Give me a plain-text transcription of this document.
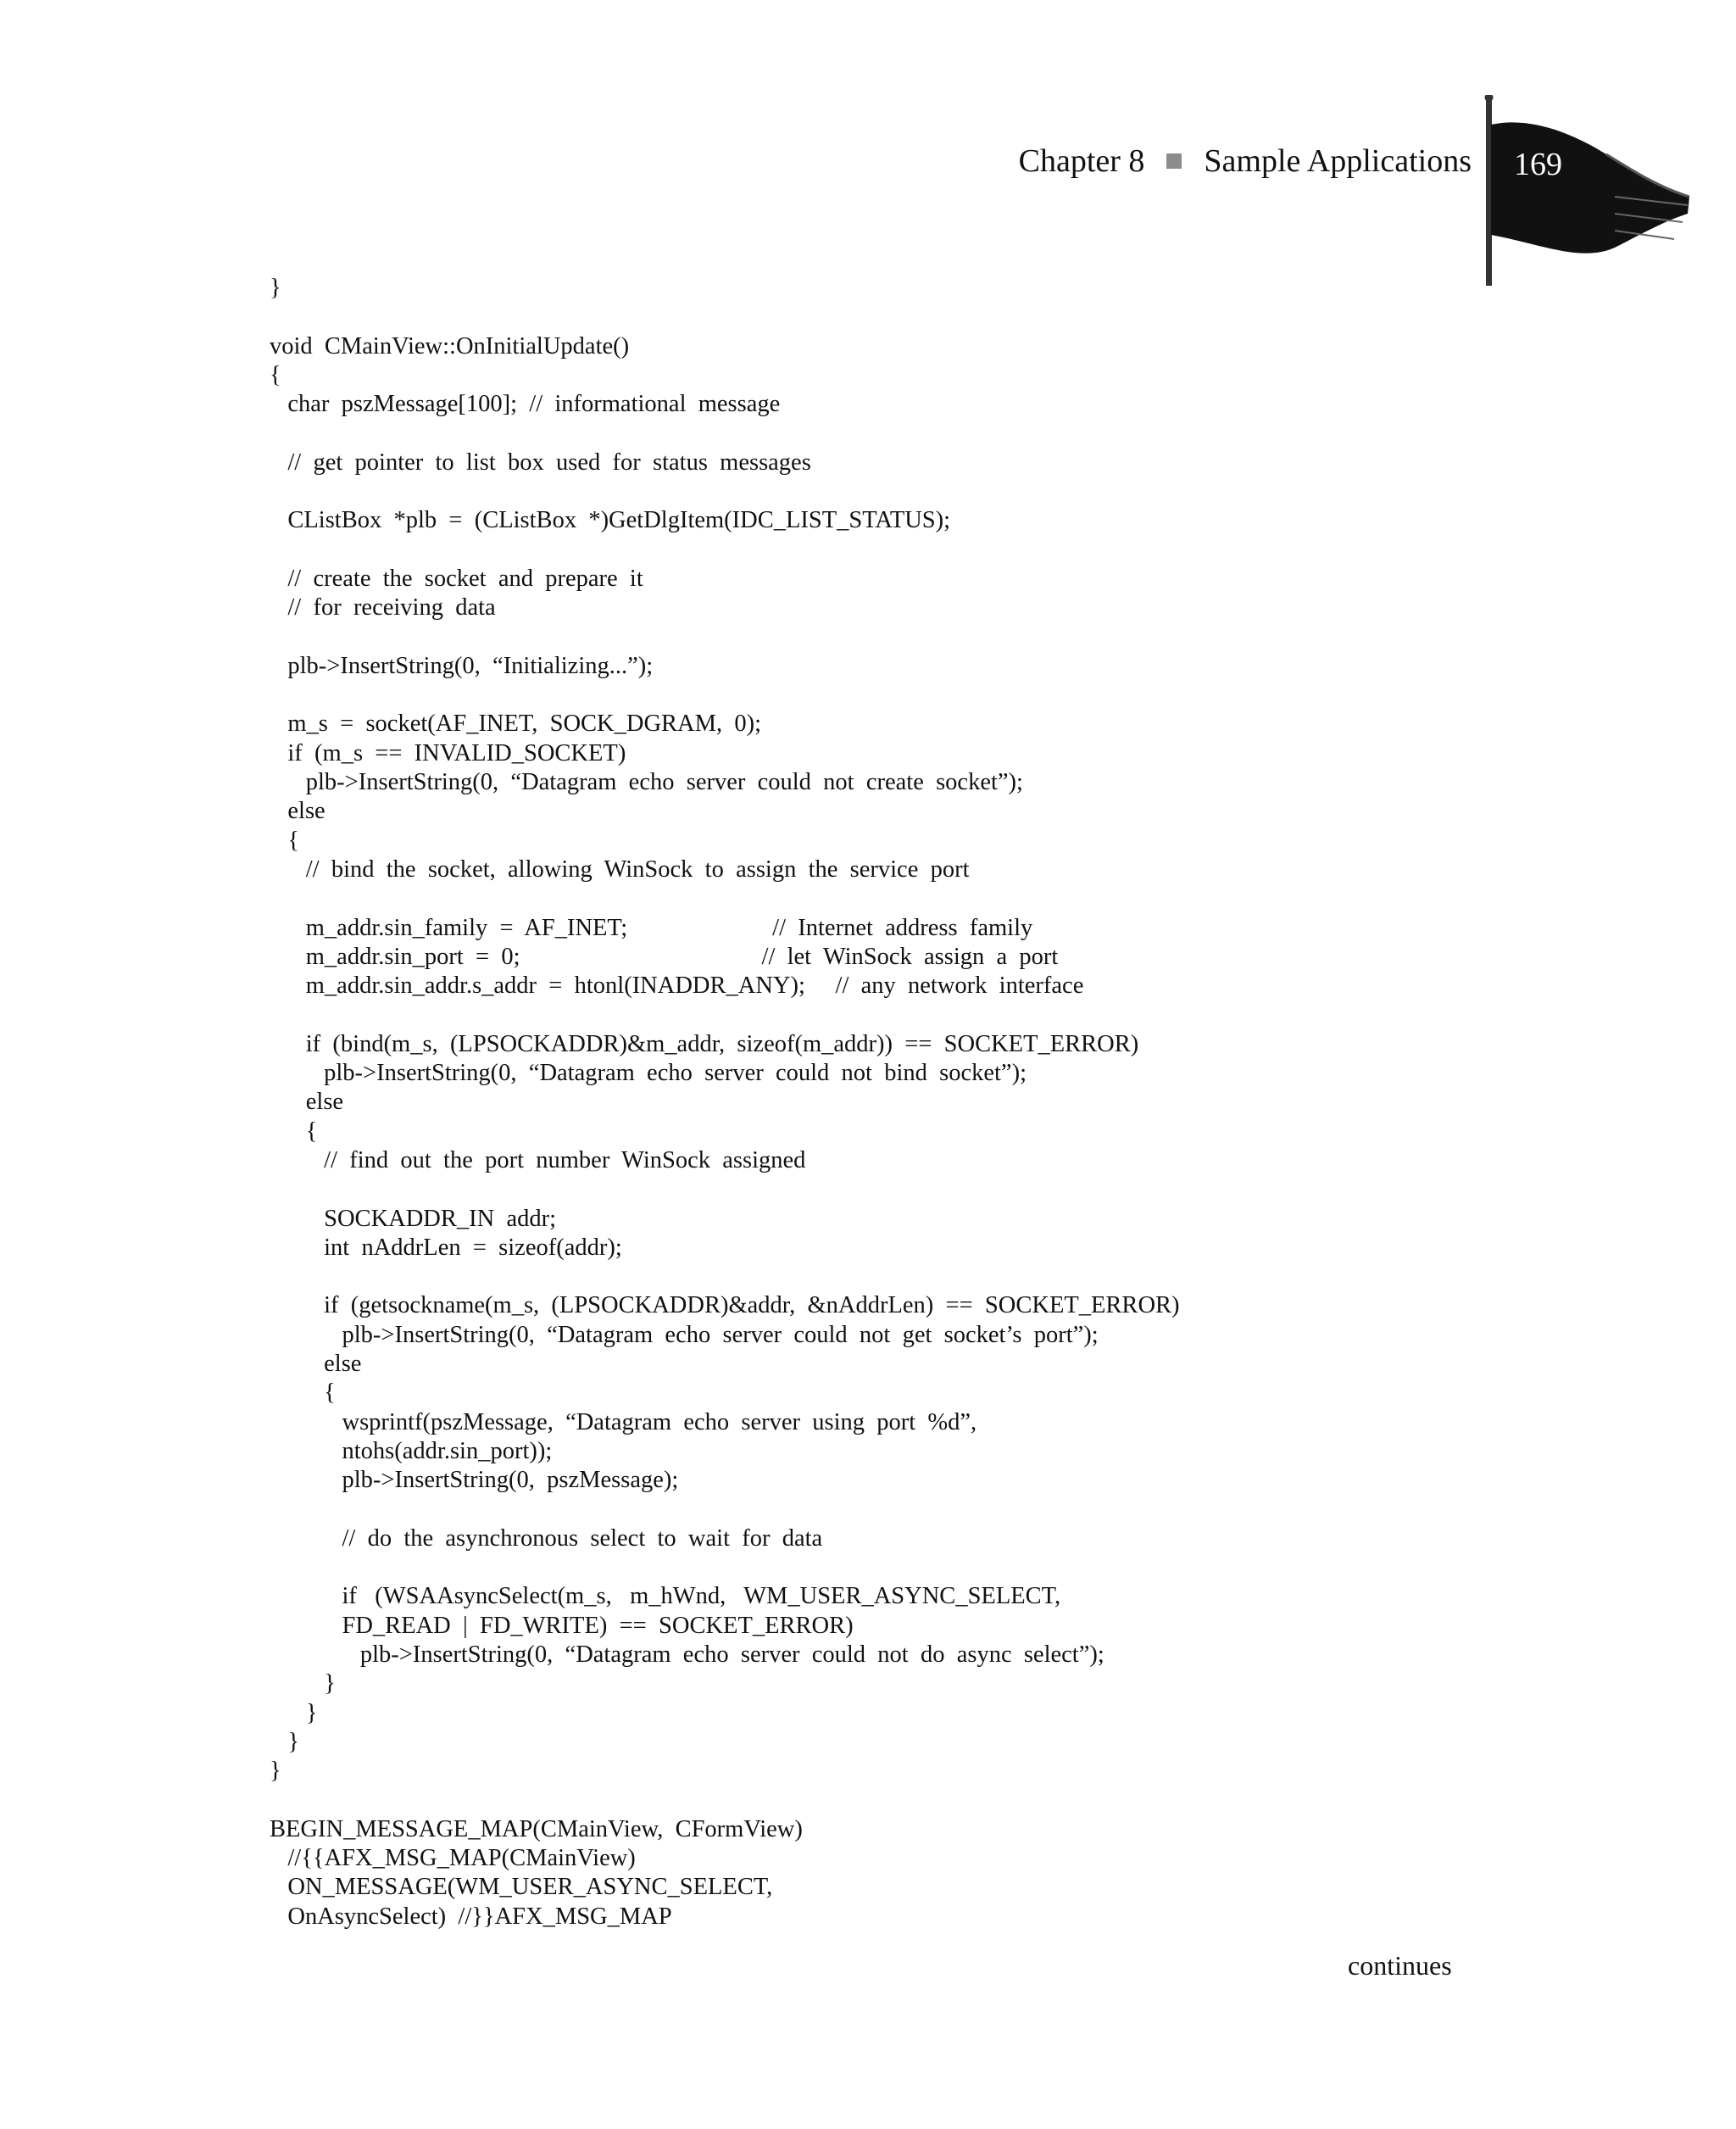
Chapter 8 Sample Applications 169
}
void  CMainView::OnInitialUpdate()
{
char  pszMessage[100];  //  informational  message
//  get  pointer  to  list  box  used  for  status  messages
CListBox  *plb  =  (CListBox  *)GetDlgItem(IDC_LIST_STATUS);
//  create  the  socket  and  prepare  it
//  for  receiving  data
plb->InsertString(0,  “Initializing...”);
m_s  =  socket(AF_INET,  SOCK_DGRAM,  0);
if  (m_s  ==  INVALID_SOCKET)
plb->InsertString(0,  “Datagram  echo  server  could  not  create  socket”);
else
{
//  bind  the  socket,  allowing  WinSock  to  assign  the  service  port
m_addr.sin_family  =  AF_INET;                        //  Internet  address  family
m_addr.sin_port  =  0;                                        //  let  WinSock  assign  a  port
m_addr.sin_addr.s_addr  =  htonl(INADDR_ANY);     //  any  network  interface
if  (bind(m_s,  (LPSOCKADDR)&m_addr,  sizeof(m_addr))  ==  SOCKET_ERROR)
plb->InsertString(0,  “Datagram  echo  server  could  not  bind  socket”);
else
{
//  find  out  the  port  number  WinSock  assigned
SOCKADDR_IN  addr;
int  nAddrLen  =  sizeof(addr);
if  (getsockname(m_s,  (LPSOCKADDR)&addr,  &nAddrLen)  ==  SOCKET_ERROR)
plb->InsertString(0,  “Datagram  echo  server  could  not  get  socket’s  port”);
else
{
wsprintf(pszMessage,  “Datagram  echo  server  using  port  %d”,
ntohs(addr.sin_port));
plb->InsertString(0,  pszMessage);
//  do  the  asynchronous  select  to  wait  for  data
if   (WSAAsyncSelect(m_s,   m_hWnd,   WM_USER_ASYNC_SELECT,
FD_READ  |  FD_WRITE)  ==  SOCKET_ERROR)
plb->InsertString(0,  “Datagram  echo  server  could  not  do  async  select”);
}
}
}
}
BEGIN_MESSAGE_MAP(CMainView,  CFormView)
//{{AFX_MSG_MAP(CMainView)
ON_MESSAGE(WM_USER_ASYNC_SELECT,
OnAsyncSelect)  //}}AFX_MSG_MAP
continues
